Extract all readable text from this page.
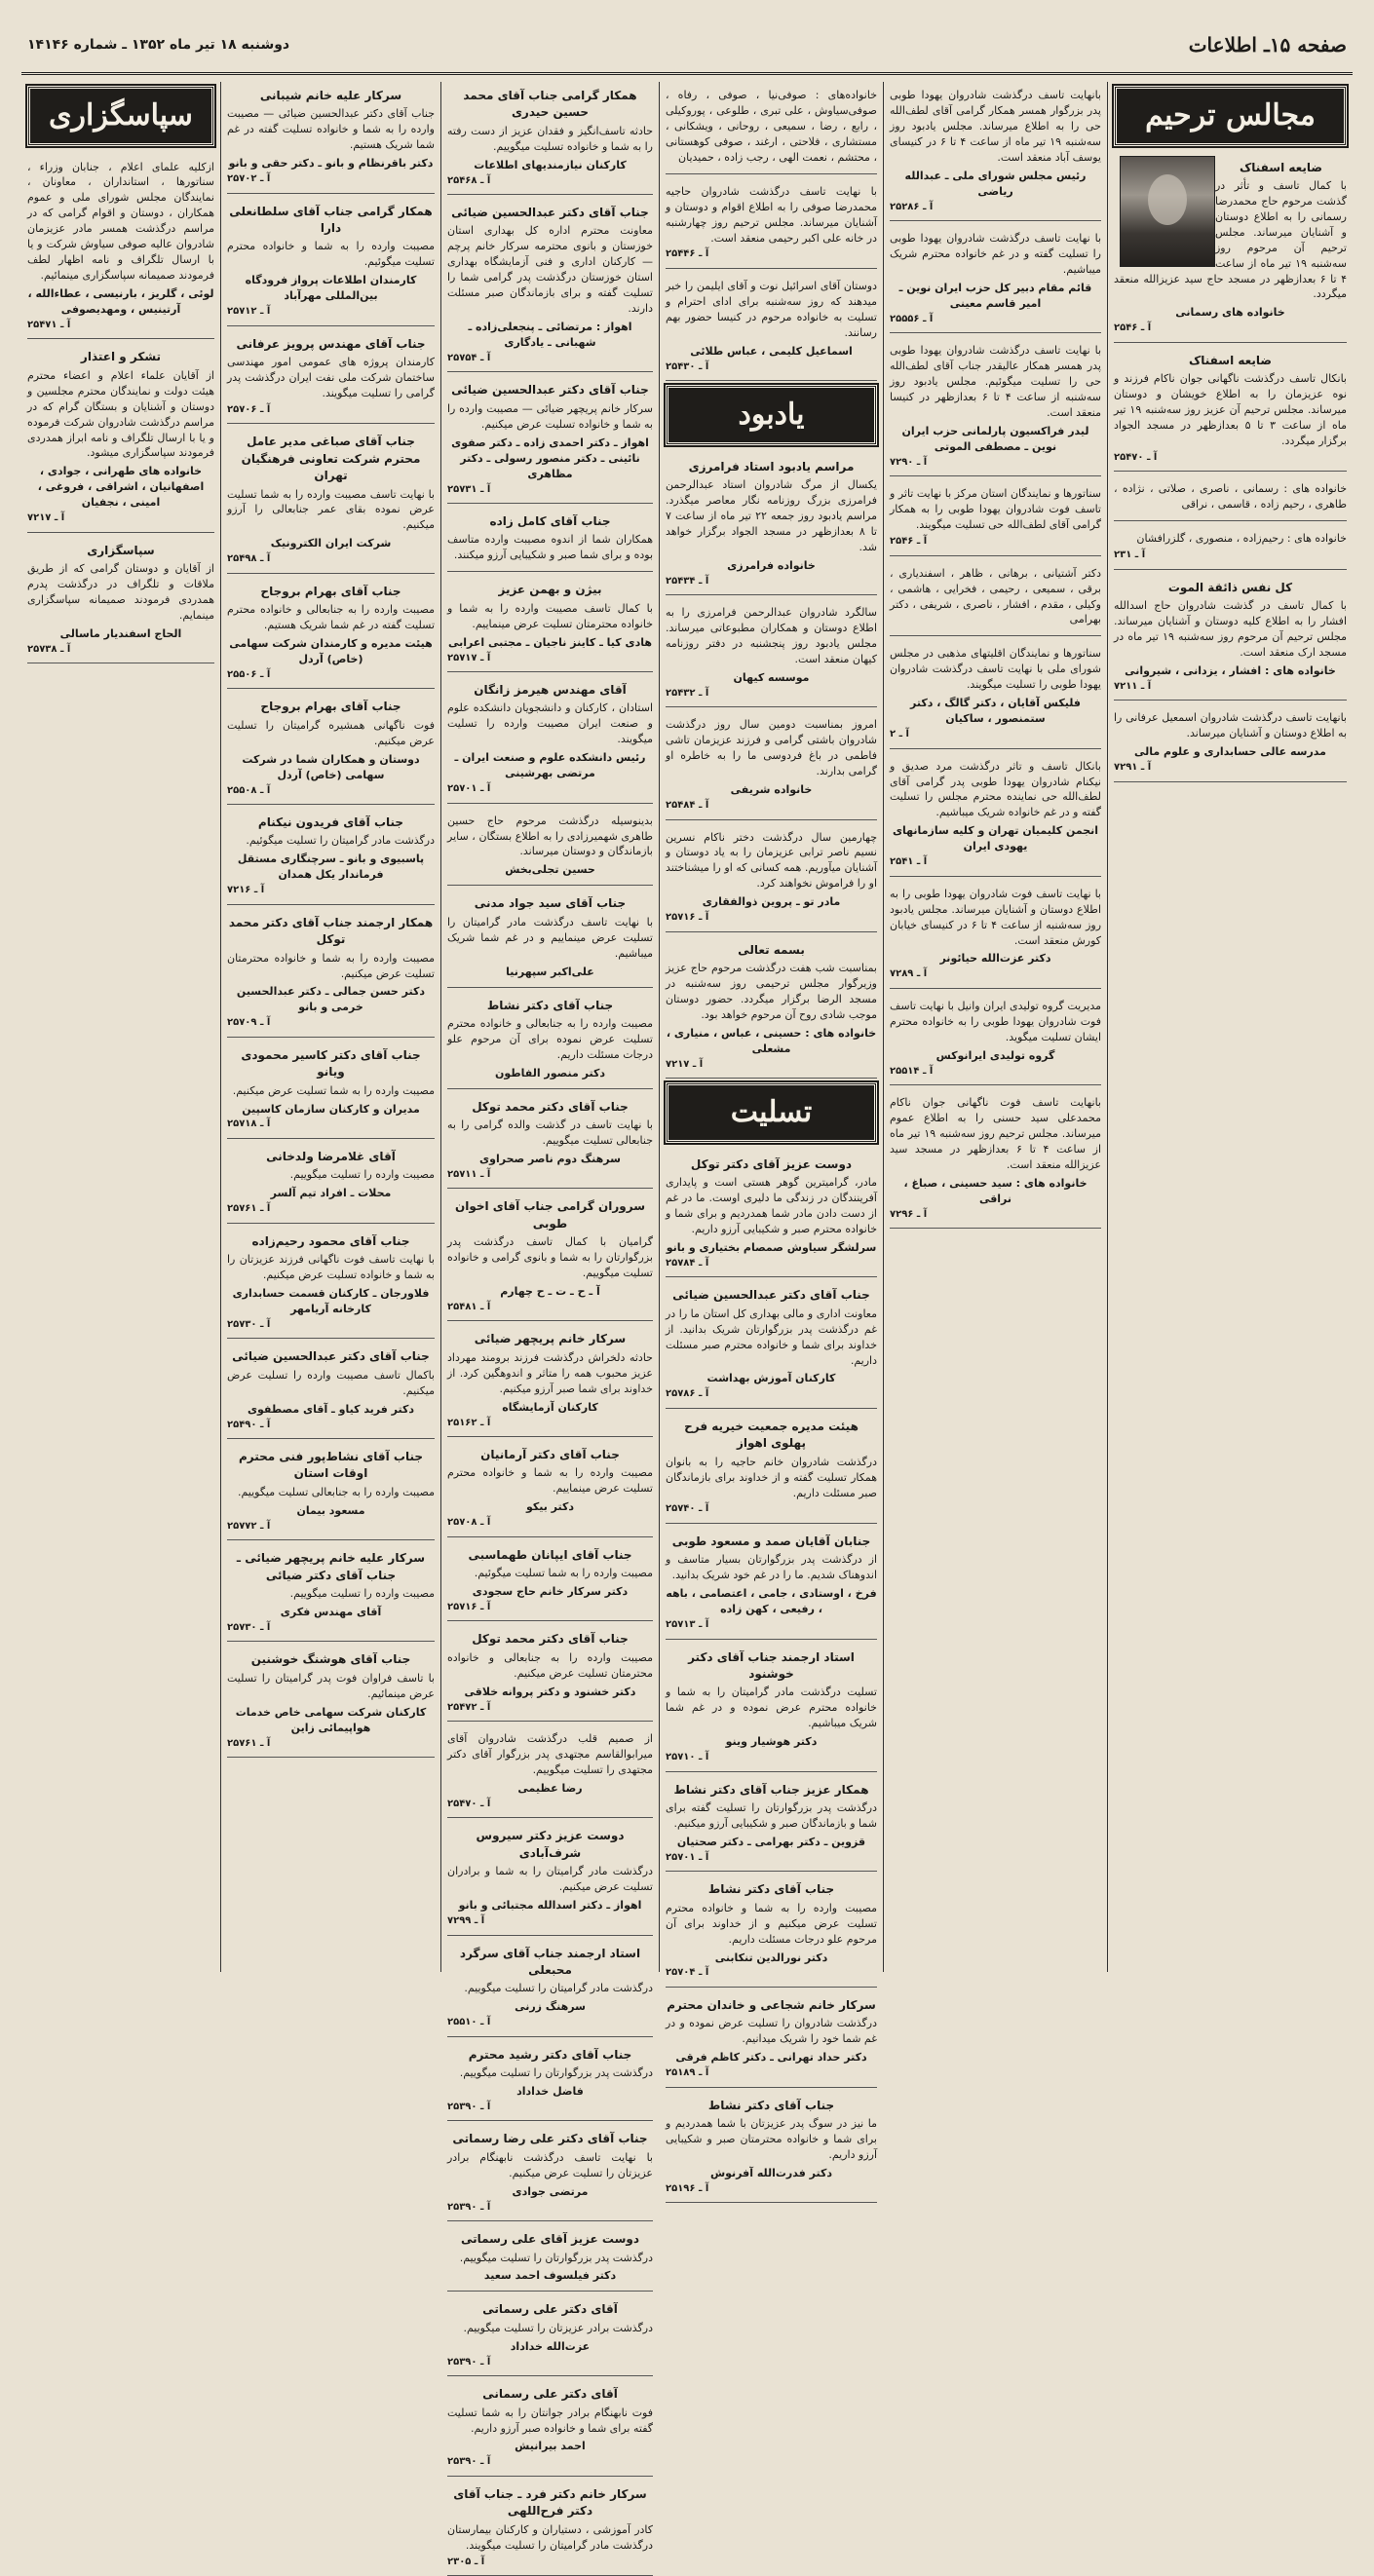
صفحه ۱۵ـ اطلاعات
دوشنبه ۱۸ تیر ماه ۱۳۵۲ ـ شماره ۱۴۱۴۶
مجالس ترحیم
ضایعه اسفناک
با کمال تاسف و تأثر در گذشت مرحوم حاج محمدرضا رسمانی را به اطلاع دوستان و آشنایان میرساند. مجلس ترحیم آن مرحوم روز سه‌شنبه ۱۹ تیر ماه از ساعت ۴ تا ۶ بعدازظهر در مسجد حاج سید عزیزالله منعقد میگردد.
خانواده های رسمانی
آ ـ ۲۵۴۶
ضایعه اسفناک
بانکال تاسف درگذشت ناگهانی جوان ناکام فرزند و نوه عزیزمان را به اطلاع خویشان و دوستان میرساند. مجلس ترحیم آن عزیز روز سه‌شنبه ۱۹ تیر ماه از ساعت ۳ تا ۵ بعدازظهر در مسجد الجواد برگزار میگردد.
آ ـ ۲۵۴۷۰
خانواده های : رسمانی ، ناصری ، صلاتی ، نژاده ، طاهری ، رحیم زاده ، قاسمی ، نراقی
خانواده های : رحیم‌زاده ، منصوری ، گلزرافشان
آ ـ ۲۳۱
کل نفس ذائقة الموت
با کمال تاسف در گذشت شادروان حاج اسدالله افشار را به اطلاع کلیه دوستان و آشنایان میرساند. مجلس ترحیم آن مرحوم روز سه‌شنبه ۱۹ تیر ماه در مسجد ارک منعقد است.
خانواده های : افشار ، یزدانی ، شیروانی
آ ـ ۷۲۱۱
بانهایت تاسف درگذشت شادروان اسمعیل عرفانی را به اطلاع دوستان و آشنایان میرساند.
مدرسه عالی حسابداری و علوم مالی
آ ـ ۷۲۹۱
بانهایت تاسف درگذشت شادروان یهودا طوبی پدر بزرگوار همسر همکار گرامی آقای لطف‌الله حی را به اطلاع میرساند. مجلس یادبود روز سه‌شنبه ۱۹ تیر ماه از ساعت ۴ تا ۶ در کنیسای یوسف آباد منعقد است.
رئیس مجلس شورای ملی ـ عبدالله ریاضی
آ ـ ۲۵۲۸۶
با نهایت تاسف درگذشت شادروان یهودا طوبی را تسلیت گفته و در غم خانواده محترم شریک میباشیم.
قائم مقام دبیر کل حزب ایران نوین ـ امیر قاسم معینی
آ ـ ۲۵۵۵۶
با نهایت تاسف درگذشت شادروان یهودا طوبی پدر همسر همکار عالیقدر جناب آقای لطف‌الله حی را تسلیت میگوئیم. مجلس یادبود روز سه‌شنبه از ساعت ۴ تا ۶ بعدازظهر در کنیسا منعقد است.
لیدر فراکسیون پارلمانی حزب ایران نوین ـ مصطفی الموتی
آ ـ ۷۲۹۰
سناتورها و نمایندگان استان مرکز با نهایت تاثر و تاسف فوت شادروان یهودا طوبی را به همکار گرامی آقای لطف‌الله حی تسلیت میگویند.
آ ـ ۲۵۴۶
دکتر آشتیانی ، برهانی ، ظاهر ، اسفندیاری ، برقی ، سمیعی ، رحیمی ، فخرایی ، هاشمی ، وکیلی ، مقدم ، افشار ، ناصری ، شریفی ، دکتر بهرامی
سناتورها و نمایندگان اقلیتهای مذهبی در مجلس شورای ملی با نهایت تاسف درگذشت شادروان یهودا طوبی را تسلیت میگویند.
فلیکس آقایان ، دکتر گالگ ، دکتر ستمنصور ، ساکیان
آ ـ ۲
بانکال تاسف و تاثر درگذشت مرد صدیق و نیکنام شادروان یهودا طوبی پدر گرامی آقای لطف‌الله حی نماینده محترم مجلس را تسلیت گفته و در غم خانواده شریک میباشیم.
انجمن کلیمیان تهران و کلیه سازمانهای یهودی ایران
آ ـ ۲۵۴۱
با نهایت تاسف فوت شادروان یهودا طوبی را به اطلاع دوستان و آشنایان میرساند. مجلس یادبود روز سه‌شنبه از ساعت ۴ تا ۶ در کنیسای خیابان کورش منعقد است.
دکتر عزت‌الله حیائونر
آ ـ ۷۲۸۹
مدیریت گروه تولیدی ایران وانیل با نهایت تاسف فوت شادروان یهودا طوبی را به خانواده محترم ایشان تسلیت میگوید.
گروه تولیدی ایرانوکس
آ ـ ۲۵۵۱۴
بانهایت تاسف فوت ناگهانی جوان ناکام محمدعلی سید حسنی را به اطلاع عموم میرساند. مجلس ترحیم روز سه‌شنبه ۱۹ تیر ماه از ساعت ۴ تا ۶ بعدازظهر در مسجد سید عزیزالله منعقد است.
خانواده های : سید حسینی ، صباغ ، نراقی
آ ـ ۷۲۹۶
خانواده‌های : صوفی‌نیا ، صوفی ، رفاه ، صوفی‌سیاوش ، علی تبری ، طلوعی ، پوروکیلی ، رابع ، رضا ، سمیعی ، روحانی ، ویشکانی ، مستشاری ، فلاحتی ، ارغند ، صوفی کوهستانی ، محتشم ، نعمت الهی ، رجب زاده ، حمیدیان
با نهایت تاسف درگذشت شادروان حاجیه محمدرضا صوفی را به اطلاع اقوام و دوستان و آشنایان میرساند. مجلس ترحیم روز چهارشنبه در خانه علی اکبر رحیمی منعقد است.
آ ـ ۲۵۴۴۶
دوستان آقای اسرائیل نوت و آقای ایلیمن را خبر میدهند که روز سه‌شنبه برای ادای احترام و تسلیت به خانواده مرحوم در کنیسا حضور بهم رسانند.
اسماعیل کلیمی ، عباس طلائی
آ ـ ۲۵۴۳۰
یادبود
مراسم یادبود استاد فرامرزی
یکسال از مرگ شادروان استاد عبدالرحمن فرامرزی بزرگ روزنامه نگار معاصر میگذرد. مراسم یادبود روز جمعه ۲۲ تیر ماه از ساعت ۷ تا ۸ بعدازظهر در مسجد الجواد برگزار خواهد شد.
خانواده فرامرزی
آ ـ ۲۵۴۳۴
سالگرد شادروان عبدالرحمن فرامرزی را به اطلاع دوستان و همکاران مطبوعاتی میرساند. مجلس یادبود روز پنجشنبه در دفتر روزنامه کیهان منعقد است.
موسسه کیهان
آ ـ ۲۵۴۳۲
امروز بمناسبت دومین سال روز درگذشت شادروان باشتی گرامی و فرزند عزیزمان تاشی فاطمی در باغ فردوسی ما را به خاطره او گرامی بدارند.
خانواده شریفی
آ ـ ۲۵۴۸۴
چهارمین سال درگذشت دختر ناکام نسرین نسیم ناصر ترابی عزیزمان را به یاد دوستان و آشنایان میآوریم. همه کسانی که او را میشناختند او را فراموش نخواهند کرد.
مادر تو ـ پروین ذوالفقاری
آ ـ ۲۵۷۱۶
بسمه تعالی
بمناسبت شب هفت درگذشت مرحوم حاج عزیز وزیرگوار مجلس ترحیمی روز سه‌شنبه در مسجد الرضا برگزار میگردد. حضور دوستان موجب شادی روح آن مرحوم خواهد بود.
خانواده های : حسینی ، عباس ، منیاری ، مشعلی
آ ـ ۷۲۱۷
تسلیت
دوست عزیز آقای دکتر توکل
مادر، گرامیترین گوهر هستی است و پایداری آفرینندگان در زندگی ما دلیری اوست. ما در غم از دست دادن مادر شما همدردیم و برای شما و خانواده محترم صبر و شکیبایی آرزو داریم.
سرلشگر سیاوش صمصام بختیاری و بانو
آ ـ ۲۵۷۸۴
جناب آقای دکتر عبدالحسین ضیائی
معاونت اداری و مالی بهداری کل استان ما را در غم درگذشت پدر بزرگوارتان شریک بدانید. از خداوند برای شما و خانواده محترم صبر مسئلت داریم.
کارکنان آموزش بهداشت
آ ـ ۲۵۷۸۶
هیئت مدیره جمعیت خیریه فرح پهلوی اهواز
درگذشت شادروان خانم حاجیه را به بانوان همکار تسلیت گفته و از خداوند برای بازماندگان صبر مسئلت داریم.
آ ـ ۲۵۷۴۰
جنابان آقایان صمد و مسعود طوبی
از درگذشت پدر بزرگوارتان بسیار متاسف و اندوهناک شدیم. ما را در غم خود شریک بدانید.
فرخ ، اوستادی ، جامی ، اعتصامی ، باهه ، رفیعی ، کهن زاده
آ ـ ۲۵۷۱۳
استاد ارجمند جناب آقای دکتر خوشنود
تسلیت درگذشت مادر گرامیتان را به شما و خانواده محترم عرض نموده و در غم شما شریک میباشیم.
دکتر هوشیار وینو
آ ـ ۲۵۷۱۰
همکار عزیز جناب آقای دکتر نشاط
درگذشت پدر بزرگوارتان را تسلیت گفته برای شما و بازماندگان صبر و شکیبایی آرزو میکنیم.
قزوین ـ دکتر بهرامی ـ دکتر صحتیان
آ ـ ۲۵۷۰۱
جناب آقای دکتر نشاط
مصیبت وارده را به شما و خانواده محترم تسلیت عرض میکنیم و از خداوند برای آن مرحوم علو درجات مسئلت داریم.
دکتر نورالدین تنکابنی
آ ـ ۲۵۷۰۴
سرکار خانم شجاعی و خاندان محترم
درگذشت شادروان را تسلیت عرض نموده و در غم شما خود را شریک میدانیم.
دکتر حداد تهرانی ـ دکتر کاظم فرقی
آ ـ ۲۵۱۸۹
جناب آقای دکتر نشاط
ما نیز در سوگ پدر عزیزتان با شما همدردیم و برای شما و خانواده محترمتان صبر و شکیبایی آرزو داریم.
دکتر فدرت‌الله آفرنوش
آ ـ ۲۵۱۹۶
همکار گرامی جناب آقای محمد حسین حیدری
حادثه تاسف‌انگیز و فقدان عزیز از دست رفته را به شما و خانواده تسلیت میگوییم.
کارکنان نیازمندیهای اطلاعات
آ ـ ۲۵۴۶۸
جناب آقای دکتر عبدالحسین ضیائی
معاونت محترم اداره کل بهداری استان خوزستان و بانوی محترمه سرکار خانم پرچم — کارکنان اداری و فنی آزمایشگاه بهداری استان خوزستان درگذشت پدر گرامی شما را تسلیت گفته و برای بازماندگان صبر مسئلت دارند.
اهواز : مرتضائی ـ پنجعلی‌زاده ـ شهبانی ـ یادگاری
آ ـ ۲۵۷۵۴
جناب آقای دکتر عبدالحسین ضیائی
سرکار خانم پریچهر ضیائی — مصیبت وارده را به شما و خانواده تسلیت عرض میکنیم.
اهواز ـ دکتر احمدی زاده ـ دکتر صفوی نائینی ـ دکتر منصور رسولی ـ دکتر مظاهری
آ ـ ۲۵۷۳۱
جناب آقای کامل زاده
همکاران شما از اندوه مصیبت وارده متاسف بوده و برای شما صبر و شکیبایی آرزو میکنند.
بیژن و بهمن عزیز
با کمال تاسف مصیبت وارده را به شما و خانواده محترمتان تسلیت عرض مینماییم.
هادی کیا ـ کاینز ناجیان ـ مجتبی اعرابی
آ ـ ۲۵۷۱۷
آقای مهندس هیرمز زانگان
استادان ، کارکنان و دانشجویان دانشکده علوم و صنعت ایران مصیبت وارده را تسلیت میگویند.
رئیس دانشکده علوم و صنعت ایران ـ مرتضی بهرشینی
آ ـ ۲۵۷۰۱
بدینوسیله درگذشت مرحوم حاج حسین طاهری شهمیرزادی را به اطلاع بستگان ، سایر بازماندگان و دوستان میرساند.
حسین تجلی‌بخش
جناب آقای سید جواد مدنی
با نهایت تاسف درگذشت مادر گرامیتان را تسلیت عرض مینماییم و در غم شما شریک میباشیم.
علی‌اکبر سپهرنیا
جناب آقای دکتر نشاط
مصیبت وارده را به جنابعالی و خانواده محترم تسلیت عرض نموده برای آن مرحوم علو درجات مسئلت داریم.
دکتر منصور الفاطون
جناب آقای دکتر محمد توکل
با نهایت تاسف در گذشت والده گرامی را به جنابعالی تسلیت میگوییم.
سرهنگ دوم ناصر صحراوی
آ ـ ۲۵۷۱۱
سروران گرامی جناب آقای اخوان طوبی
گرامیان با کمال تاسف درگذشت پدر بزرگوارتان را به شما و بانوی گرامی و خانواده تسلیت میگوییم.
آ ـ ح ـ ت ـ ح چهارم
آ ـ ۲۵۴۸۱
سرکار خانم پریچهر ضیائی
حادثه دلخراش درگذشت فرزند برومند مهرداد عزیز محبوب همه را متاثر و اندوهگین کرد. از خداوند برای شما صبر آرزو میکنیم.
کارکنان آزمایشگاه
آ ـ ۲۵۱۶۲
جناب آقای دکتر آرمانیان
مصیبت وارده را به شما و خانواده محترم تسلیت عرض مینماییم.
دکتر بیکو
آ ـ ۲۵۷۰۸
جناب آقای ایپانان طهماسبی
مصیبت وارده را به شما تسلیت میگوئیم.
دکتر سرکار خانم حاج سجودی
آ ـ ۲۵۷۱۶
جناب آقای دکتر محمد توکل
مصیبت وارده را به جنابعالی و خانواده محترمتان تسلیت عرض میکنیم.
دکتر خشنود و دکتر پروانه خلاقی
آ ـ ۲۵۴۷۲
از صمیم قلب درگذشت شادروان آقای میرابوالقاسم مجتهدی پدر بزرگوار آقای دکتر مجتهدی را تسلیت میگوییم.
رضا عظیمی
آ ـ ۲۵۴۷۰
دوست عزیز دکتر سیروس شرف‌آبادی
درگذشت مادر گرامیتان را به شما و برادران تسلیت عرض میکنیم.
اهواز ـ دکتر اسدالله مجتبائی و بانو
آ ـ ۷۲۹۹
استاد ارجمند جناب آقای سرگرد محبعلی
درگذشت مادر گرامیتان را تسلیت میگوییم.
سرهنگ زرنی
آ ـ ۲۵۵۱۰
جناب آقای دکتر رشید محترم
درگذشت پدر بزرگوارتان را تسلیت میگوییم.
فاضل خداداد
آ ـ ۲۵۳۹۰
جناب آقای دکتر علی رضا رسماتی
با نهایت تاسف درگذشت نابهنگام برادر عزیزتان را تسلیت عرض میکنیم.
مرتضی جوادی
آ ـ ۲۵۳۹۰
دوست عزیز آقای علی رسماتی
درگذشت پدر بزرگوارتان را تسلیت میگوییم.
دکتر فیلسوف احمد سعید
آقای دکتر علی رسماتی
درگذشت برادر عزیزتان را تسلیت میگوییم.
عزت‌الله خداداد
آ ـ ۲۵۳۹۰
آقای دکتر علی رسمانی
فوت نابهنگام برادر جوانتان را به شما تسلیت گفته برای شما و خانواده صبر آرزو داریم.
احمد بیرانیش
آ ـ ۲۵۳۹۰
سرکار خانم دکتر فرد ـ جناب آقای دکتر فرح‌اللهی
کادر آموزشی ، دستیاران و کارکنان بیمارستان درگذشت مادر گرامیتان را تسلیت میگویند.
آ ـ ۲۳۰۵
سرکار علیه خانم شیبانی
جناب آقای دکتر عبدالحسین ضیائی — مصیبت وارده را به شما و خانواده تسلیت گفته در غم شما شریک هستیم.
دکتر باقرنظام و بانو ـ دکتر حقی و بانو
آ ـ ۲۵۷۰۲
همکار گرامی جناب آقای سلطانعلی دارا
مصیبت وارده را به شما و خانواده محترم تسلیت میگوئیم.
کارمندان اطلاعات پرواز فرودگاه بین‌المللی مهرآباد
آ ـ ۲۵۷۱۲
جناب آقای مهندس پرویز عرفانی
کارمندان پروژه های عمومی امور مهندسی ساختمان شرکت ملی نفت ایران درگذشت پدر گرامی را تسلیت میگویند.
آ ـ ۲۵۷۰۶
جناب آقای صباغی مدیر عامل محترم شرکت تعاونی فرهنگیان تهران
با نهایت تاسف مصیبت وارده را به شما تسلیت عرض نموده بقای عمر جنابعالی را آرزو میکنیم.
شرکت ایران الکترونیک
آ ـ ۲۵۴۹۸
جناب آقای بهرام بروجاح
مصیبت وارده را به جنابعالی و خانواده محترم تسلیت گفته در غم شما شریک هستیم.
هیئت مدیره و کارمندان شرکت سهامی (خاص) آردل
آ ـ ۲۵۵۰۶
جناب آقای بهرام بروجاح
فوت ناگهانی همشیره گرامیتان را تسلیت عرض میکنیم.
دوستان و همکاران شما در شرکت سهامی (خاص) آردل
آ ـ ۲۵۵۰۸
جناب آقای فریدون نیکنام
درگذشت مادر گرامیتان را تسلیت میگوئیم.
پاسبیوی و بانو ـ سرچنگاری مستقل فرماندار یکل همدان
آ ـ ۷۲۱۶
همکار ارجمند جناب آقای دکتر محمد توکل
مصیبت وارده را به شما و خانواده محترمتان تسلیت عرض میکنیم.
دکتر حسن جمالی ـ دکتر عبدالحسین خرمی و بانو
آ ـ ۲۵۷۰۹
جناب آقای دکتر کاسیر محمودی ویانو
مصیبت وارده را به شما تسلیت عرض میکنیم.
مدیران و کارکنان سازمان کاسپین
آ ـ ۲۵۷۱۸
آقای غلامرضا ولدخانی
مصیبت وارده را تسلیت میگوییم.
محلات ـ افراد تیم آلسر
آ ـ ۲۵۷۶۱
جناب آقای محمود رحیم‌زاده
با نهایت تاسف فوت ناگهانی فرزند عزیزتان را به شما و خانواده تسلیت عرض میکنیم.
فلاورجان ـ کارکنان قسمت حسابداری کارخانه آریامهر
آ ـ ۲۵۷۳۰
جناب آقای دکتر عبدالحسین ضیائی
باکمال تاسف مصیبت وارده را تسلیت عرض میکنیم.
دکتر فرید کیاو ـ آقای مصطفوی
آ ـ ۲۵۴۹۰
جناب آقای نشاط‌پور فنی محترم اوقات استان
مصیبت وارده را به جنابعالی تسلیت میگوییم.
مسعود بیمان
آ ـ ۲۵۷۷۲
سرکار علیه خانم پریچهر ضیائی ـ جناب آقای دکتر ضیائی
مصیبت وارده را تسلیت میگوییم.
آقای مهندس فکری
آ ـ ۲۵۷۳۰
جناب آقای هوشنگ خوشنین
با تاسف فراوان فوت پدر گرامیتان را تسلیت عرض مینمائیم.
کارکنان شرکت سهامی خاص خدمات هواپیمائی زاین
آ ـ ۲۵۷۶۱
سپاسگزاری
ازکلیه علمای اعلام ، جنابان وزراء ، سناتورها ، استانداران ، معاونان ، نمایندگان مجلس شورای ملی و عموم همکاران ، دوستان و اقوام گرامی که در مراسم درگذشت همسر مادر عزیزمان شادروان عالیه صوفی سیاوش شرکت و یا با ارسال تلگراف و نامه اظهار لطف فرمودند صمیمانه سپاسگزاری مینمائیم.
لوئی ، گلریز ، بارنیسی ، عطاءالله ، آرتینیس ، ومهدیصوفی
آ ـ ۲۵۴۷۱
تشکر و اعتذار
از آقایان علماء اعلام و اعضاء محترم هیئت دولت و نمایندگان محترم مجلسین و دوستان و آشنایان و بستگان گرام که در مراسم درگذشت شادروان شرکت فرموده و یا با ارسال تلگراف و نامه ابراز همدردی فرمودند سپاسگزاری میشود.
خانواده های طهرانی ، جوادی ، اصفهانیان ، اشراقی ، فروغی ، امینی ، نجفیان
آ ـ ۷۲۱۷
سپاسگزاری
از آقایان و دوستان گرامی که از طریق ملاقات و تلگراف در درگذشت پدرم همدردی فرمودند صمیمانه سپاسگزاری مینمایم.
الحاج اسفندیار ماسالی
آ ـ ۲۵۷۳۸
